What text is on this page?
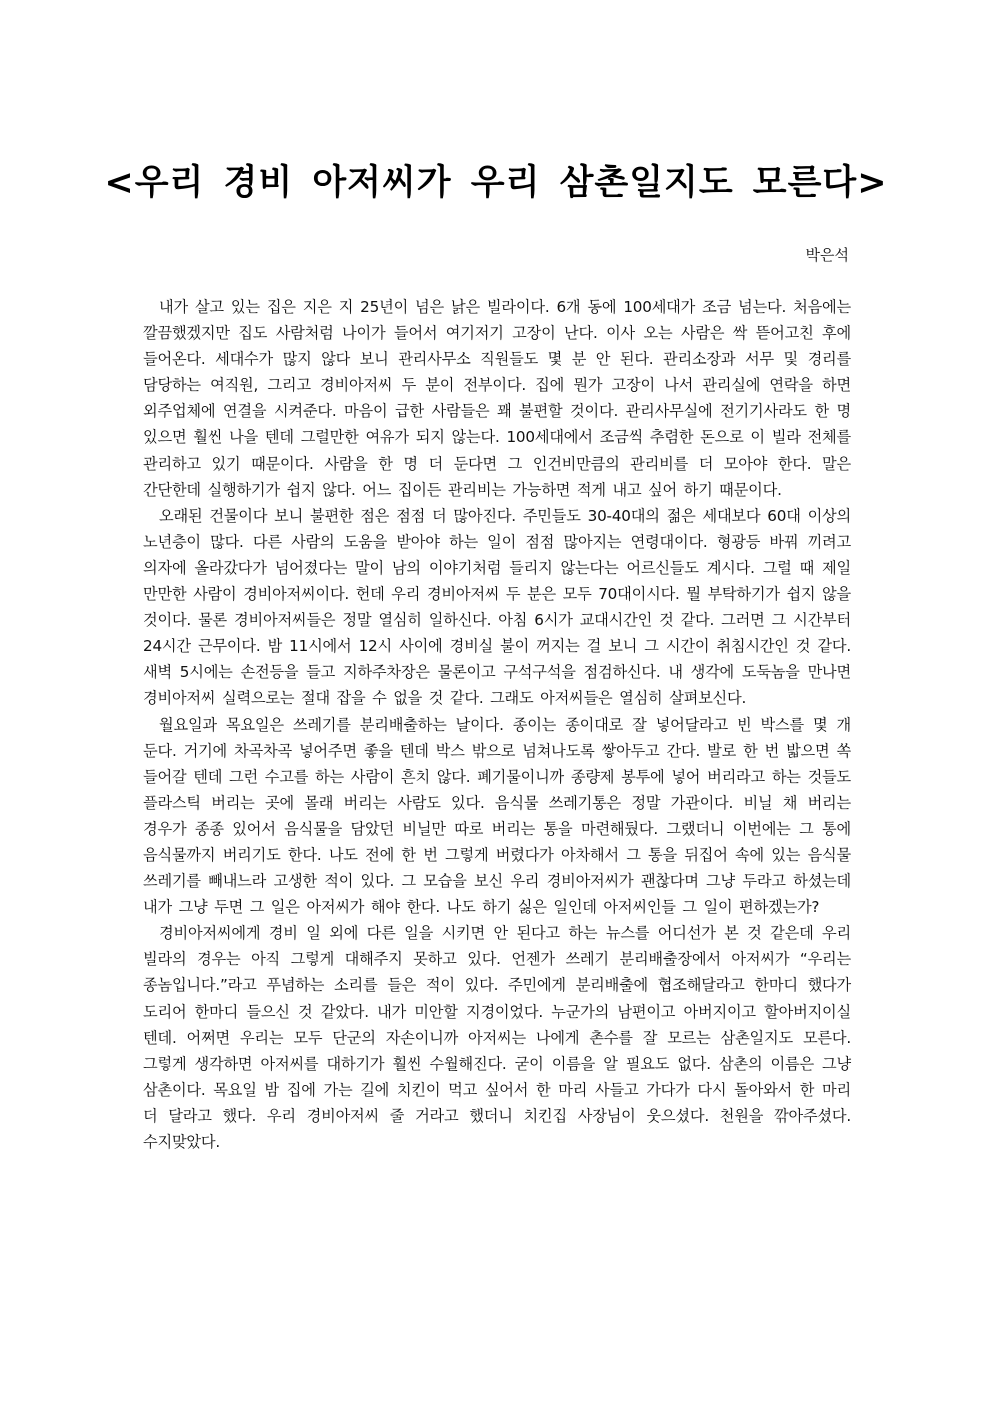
<우리 경비 아저씨가 우리 삼촌일지도 모른다>

박은석

내가 살고 있는 집은 지은 지 25년이 넘은 낡은 빌라이다. 6개 동에 100세대가 조금 넘는다. 처음에는 깔끔했겠지만 집도 사람처럼 나이가 들어서 여기저기 고장이 난다. 이사 오는 사람은 싹 뜯어고친 후에 들어온다. 세대수가 많지 않다 보니 관리사무소 직원들도 몇 분 안 된다. 관리소장과 서무 및 경리를 담당하는 여직원, 그리고 경비아저씨 두 분이 전부이다. 집에 뭔가 고장이 나서 관리실에 연락을 하면 외주업체에 연결을 시켜준다. 마음이 급한 사람들은 꽤 불편할 것이다. 관리사무실에 전기기사라도 한 명 있으면 훨씬 나을 텐데 그럴만한 여유가 되지 않는다. 100세대에서 조금씩 추렴한 돈으로 이 빌라 전체를 관리하고 있기 때문이다. 사람을 한 명 더 둔다면 그 인건비만큼의 관리비를 더 모아야 한다. 말은 간단한데 실행하기가 쉽지 않다. 어느 집이든 관리비는 가능하면 적게 내고 싶어 하기 때문이다.

오래된 건물이다 보니 불편한 점은 점점 더 많아진다. 주민들도 30-40대의 젊은 세대보다 60대 이상의 노년층이 많다. 다른 사람의 도움을 받아야 하는 일이 점점 많아지는 연령대이다. 형광등 바꿔 끼려고 의자에 올라갔다가 넘어졌다는 말이 남의 이야기처럼 들리지 않는다는 어르신들도 계시다. 그럴 때 제일 만만한 사람이 경비아저씨이다. 헌데 우리 경비아저씨 두 분은 모두 70대이시다. 뭘 부탁하기가 쉽지 않을 것이다. 물론 경비아저씨들은 정말 열심히 일하신다. 아침 6시가 교대시간인 것 같다. 그러면 그 시간부터 24시간 근무이다. 밤 11시에서 12시 사이에 경비실 불이 꺼지는 걸 보니 그 시간이 취침시간인 것 같다. 새벽 5시에는 손전등을 들고 지하주차장은 물론이고 구석구석을 점검하신다. 내 생각에 도둑놈을 만나면 경비아저씨 실력으로는 절대 잡을 수 없을 것 같다. 그래도 아저씨들은 열심히 살펴보신다.

월요일과 목요일은 쓰레기를 분리배출하는 날이다. 종이는 종이대로 잘 넣어달라고 빈 박스를 몇 개 둔다. 거기에 차곡차곡 넣어주면 좋을 텐데 박스 밖으로 넘쳐나도록 쌓아두고 간다. 발로 한 번 밟으면 쏙 들어갈 텐데 그런 수고를 하는 사람이 흔치 않다. 폐기물이니까 종량제 봉투에 넣어 버리라고 하는 것들도 플라스틱 버리는 곳에 몰래 버리는 사람도 있다. 음식물 쓰레기통은 정말 가관이다. 비닐 채 버리는 경우가 종종 있어서 음식물을 담았던 비닐만 따로 버리는 통을 마련해뒀다. 그랬더니 이번에는 그 통에 음식물까지 버리기도 한다. 나도 전에 한 번 그렇게 버렸다가 아차해서 그 통을 뒤집어 속에 있는 음식물 쓰레기를 빼내느라 고생한 적이 있다. 그 모습을 보신 우리 경비아저씨가 괜찮다며 그냥 두라고 하셨는데 내가 그냥 두면 그 일은 아저씨가 해야 한다. 나도 하기 싫은 일인데 아저씨인들 그 일이 편하겠는가?

경비아저씨에게 경비 일 외에 다른 일을 시키면 안 된다고 하는 뉴스를 어디선가 본 것 같은데 우리 빌라의 경우는 아직 그렇게 대해주지 못하고 있다. 언젠가 쓰레기 분리배출장에서 아저씨가 “우리는 종놈입니다.”라고 푸념하는 소리를 들은 적이 있다. 주민에게 분리배출에 협조해달라고 한마디 했다가 도리어 한마디 들으신 것 같았다. 내가 미안할 지경이었다. 누군가의 남편이고 아버지이고 할아버지이실 텐데. 어쩌면 우리는 모두 단군의 자손이니까 아저씨는 나에게 촌수를 잘 모르는 삼촌일지도 모른다. 그렇게 생각하면 아저씨를 대하기가 훨씬 수월해진다. 굳이 이름을 알 필요도 없다. 삼촌의 이름은 그냥 삼촌이다. 목요일 밤 집에 가는 길에 치킨이 먹고 싶어서 한 마리 사들고 가다가 다시 돌아와서 한 마리 더 달라고 했다. 우리 경비아저씨 줄 거라고 했더니 치킨집 사장님이 웃으셨다. 천원을 깎아주셨다. 수지맞았다.
